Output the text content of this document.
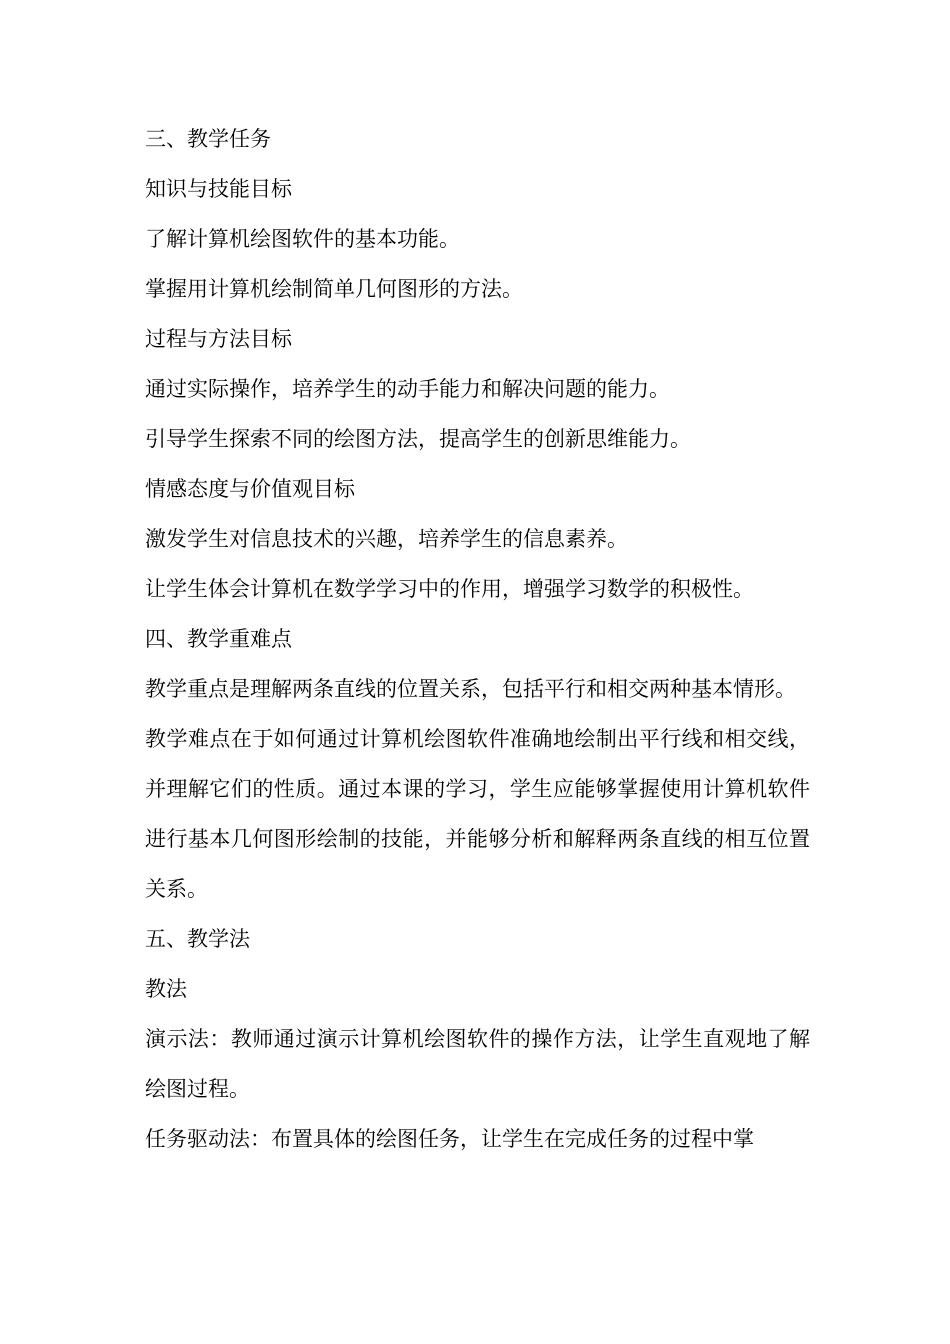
三、教学任务

知识与技能目标

了解计算机绘图软件的基本功能。

掌握用计算机绘制简单几何图形的方法。

过程与方法目标

通过实际操作，培养学生的动手能力和解决问题的能力。

引导学生探索不同的绘图方法，提高学生的创新思维能力。

情感态度与价值观目标

激发学生对信息技术的兴趣，培养学生的信息素养。

让学生体会计算机在数学学习中的作用，增强学习数学的积极性。

四、教学重难点

教学重点是理解两条直线的位置关系，包括平行和相交两种基本情形。

教学难点在于如何通过计算机绘图软件准确地绘制出平行线和相交线，并理解它们的性质。通过本课的学习，学生应能够掌握使用计算机软件进行基本几何图形绘制的技能，并能够分析和解释两条直线的相互位置关系。

五、教学法

教法

演示法：教师通过演示计算机绘图软件的操作方法，让学生直观地了解绘图过程。

任务驱动法：布置具体的绘图任务，让学生在完成任务的过程中掌
